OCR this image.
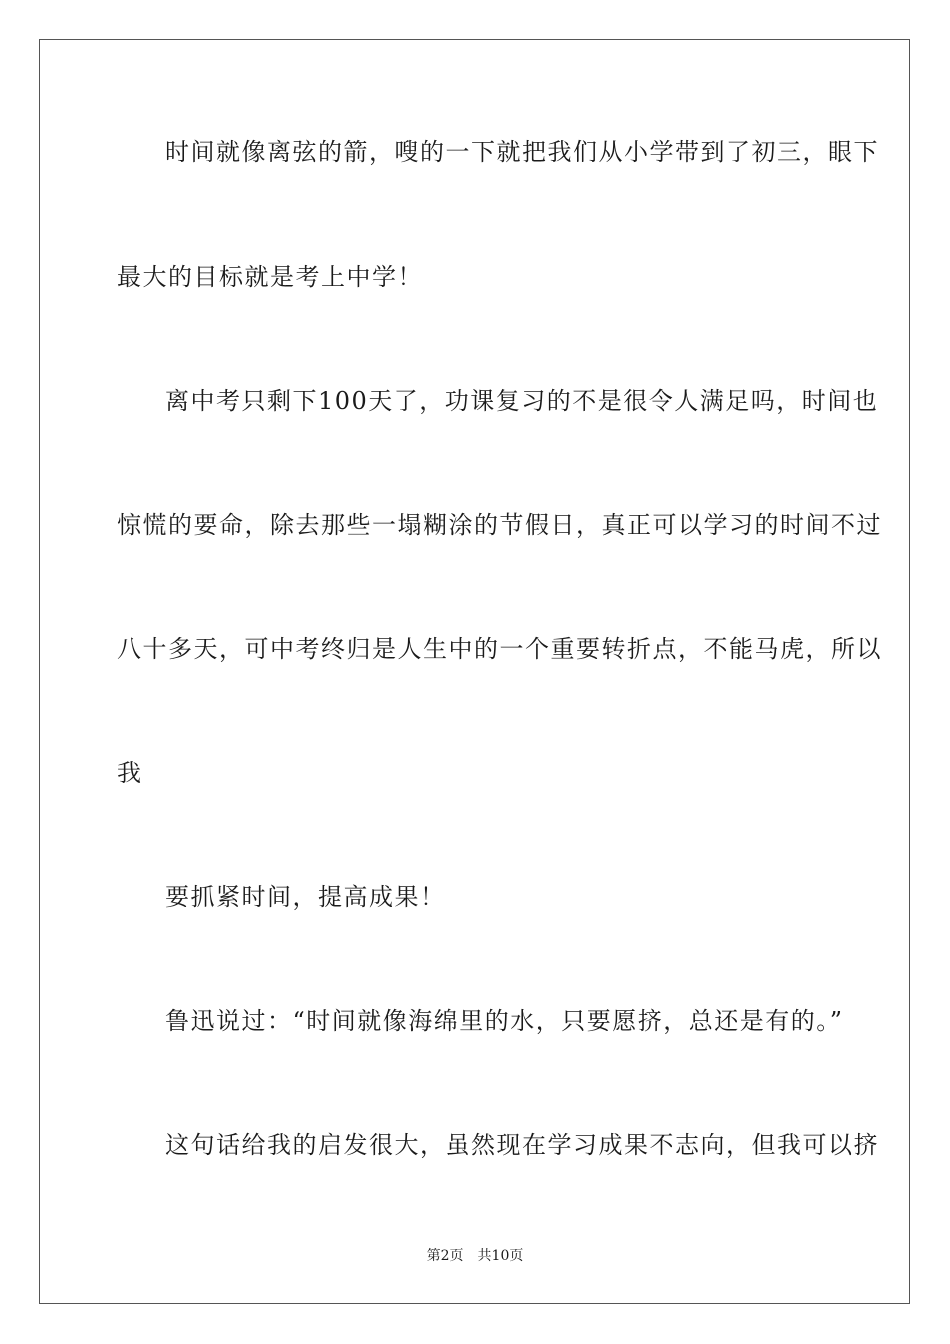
时间就像离弦的箭，嗖的一下就把我们从小学带到了初三，眼下
最大的目标就是考上中学！
离中考只剩下100天了，功课复习的不是很令人满足吗，时间也
惊慌的要命，除去那些一塌糊涂的节假日，真正可以学习的时间不过
八十多天，可中考终归是人生中的一个重要转折点，不能马虎，所以
我
要抓紧时间，提高成果！
鲁迅说过：“时间就像海绵里的水，只要愿挤，总还是有的。”
这句话给我的启发很大，虽然现在学习成果不志向，但我可以挤
第2页　共10页
